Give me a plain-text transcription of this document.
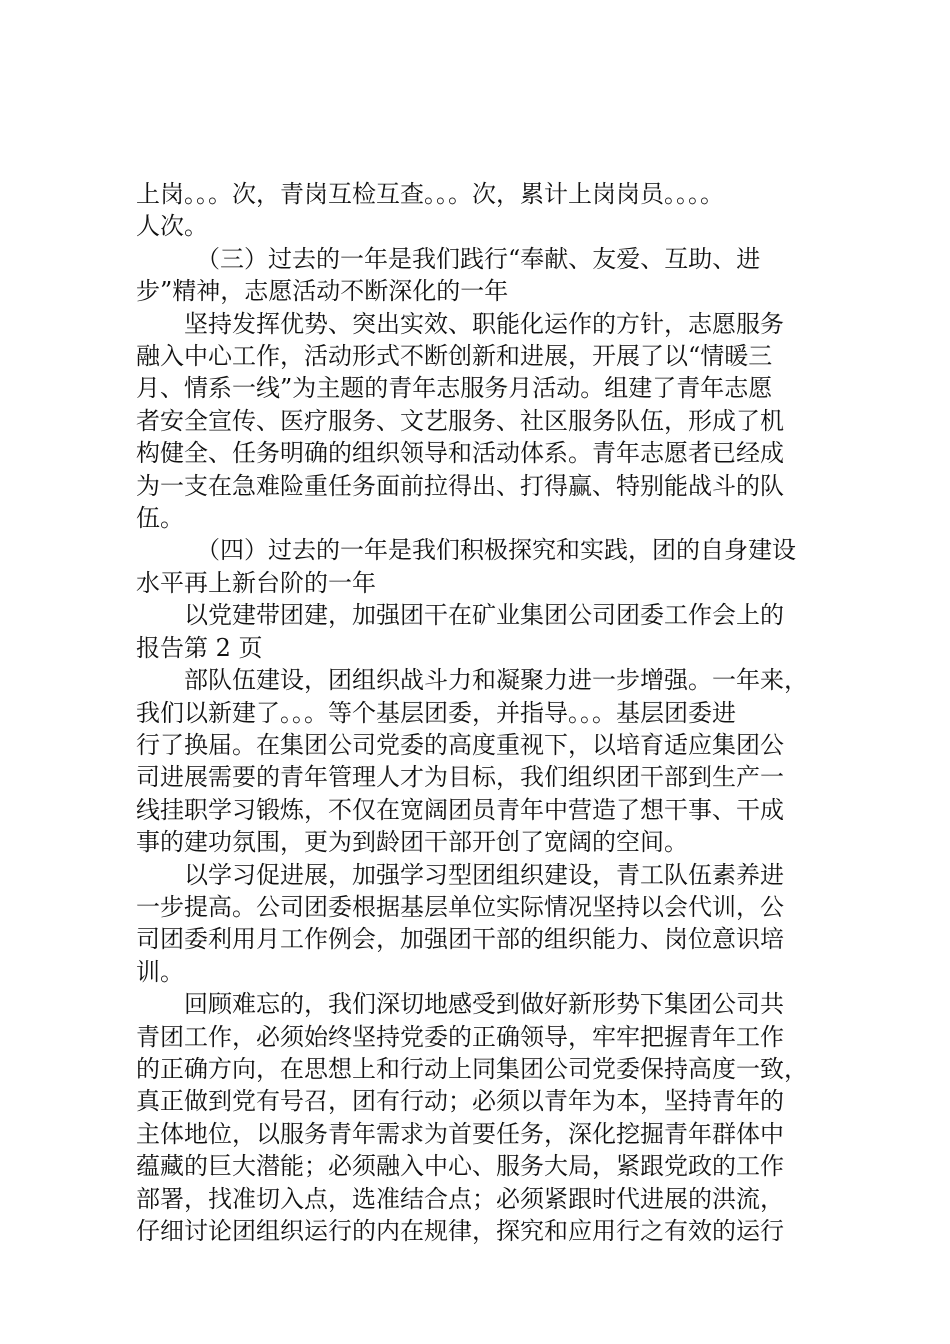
上岗。。。次，青岗互检互查。。。次，累计上岗岗员。。。。
人次。
（三）过去的一年是我们践行“奉献、友爱、互助、进
步”精神，志愿活动不断深化的一年
坚持发挥优势、突出实效、职能化运作的方针，志愿服务
融入中心工作，活动形式不断创新和进展，开展了以“情暖三
月、情系一线”为主题的青年志服务月活动。组建了青年志愿
者安全宣传、医疗服务、文艺服务、社区服务队伍，形成了机
构健全、任务明确的组织领导和活动体系。青年志愿者已经成
为一支在急难险重任务面前拉得出、打得赢、特别能战斗的队
伍。
（四）过去的一年是我们积极探究和实践，团的自身建设
水平再上新台阶的一年
以党建带团建，加强团干在矿业集团公司团委工作会上的
报告第 2 页
部队伍建设，团组织战斗力和凝聚力进一步增强。一年来，
我们以新建了。。。等个基层团委，并指导。。。基层团委进
行了换届。在集团公司党委的高度重视下，以培育适应集团公
司进展需要的青年管理人才为目标，我们组织团干部到生产一
线挂职学习锻炼，不仅在宽阔团员青年中营造了想干事、干成
事的建功氛围，更为到龄团干部开创了宽阔的空间。
以学习促进展，加强学习型团组织建设，青工队伍素养进
一步提高。公司团委根据基层单位实际情况坚持以会代训，公
司团委利用月工作例会，加强团干部的组织能力、岗位意识培
训。
回顾难忘的，我们深切地感受到做好新形势下集团公司共
青团工作，必须始终坚持党委的正确领导，牢牢把握青年工作
的正确方向，在思想上和行动上同集团公司党委保持高度一致，
真正做到党有号召，团有行动；必须以青年为本，坚持青年的
主体地位，以服务青年需求为首要任务，深化挖掘青年群体中
蕴藏的巨大潜能；必须融入中心、服务大局，紧跟党政的工作
部署，找准切入点，选准结合点；必须紧跟时代进展的洪流，
仔细讨论团组织运行的内在规律，探究和应用行之有效的运行
